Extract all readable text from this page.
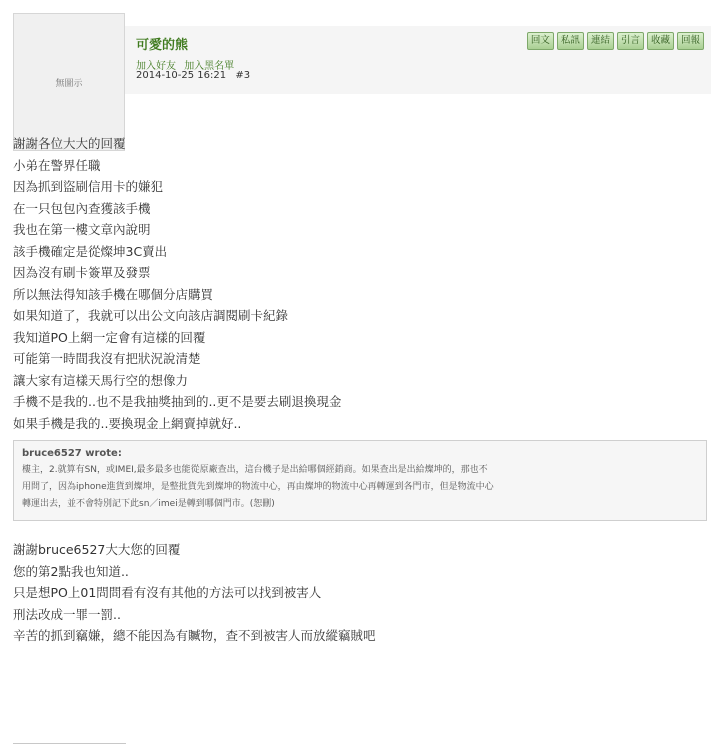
無圖示
可愛的熊
加入好友 加入黑名單
2014-10-25 16:21 #3
回文	私訊	連結	引言	收藏	回報
謝謝各位大大的回覆
小弟在警界任職
因為抓到盜刷信用卡的嫌犯
在一只包包內查獲該手機
我也在第一樓文章內說明
該手機確定是從燦坤3C賣出
因為沒有刷卡簽單及發票
所以無法得知該手機在哪個分店購買
如果知道了，我就可以出公文向該店調閱刷卡紀錄
我知道PO上網一定會有這樣的回覆
可能第一時間我沒有把狀況說清楚
讓大家有這樣天馬行空的想像力
手機不是我的..也不是我抽獎抽到的..更不是要去刷退換現金
如果手機是我的..要換現金上網賣掉就好..
bruce6527 wrote:
樓主，2.就算有SN，或IMEI,最多最多也能從原廠查出，這台機子是出給哪個經銷商。如果查出是出給燦坤的，那也不
用問了，因為iphone進貨到燦坤，是整批貨先到燦坤的物流中心，再由燦坤的物流中心再轉運到各門市，但是物流中心
轉運出去，並不會特別記下此sn／imei是轉到哪個門市。(恕刪)
謝謝bruce6527大大您的回覆
您的第2點我也知道..
只是想PO上01問問看有沒有其他的方法可以找到被害人
刑法改成一罪一罰..
辛苦的抓到竊嫌，總不能因為有贓物，查不到被害人而放縱竊賊吧
